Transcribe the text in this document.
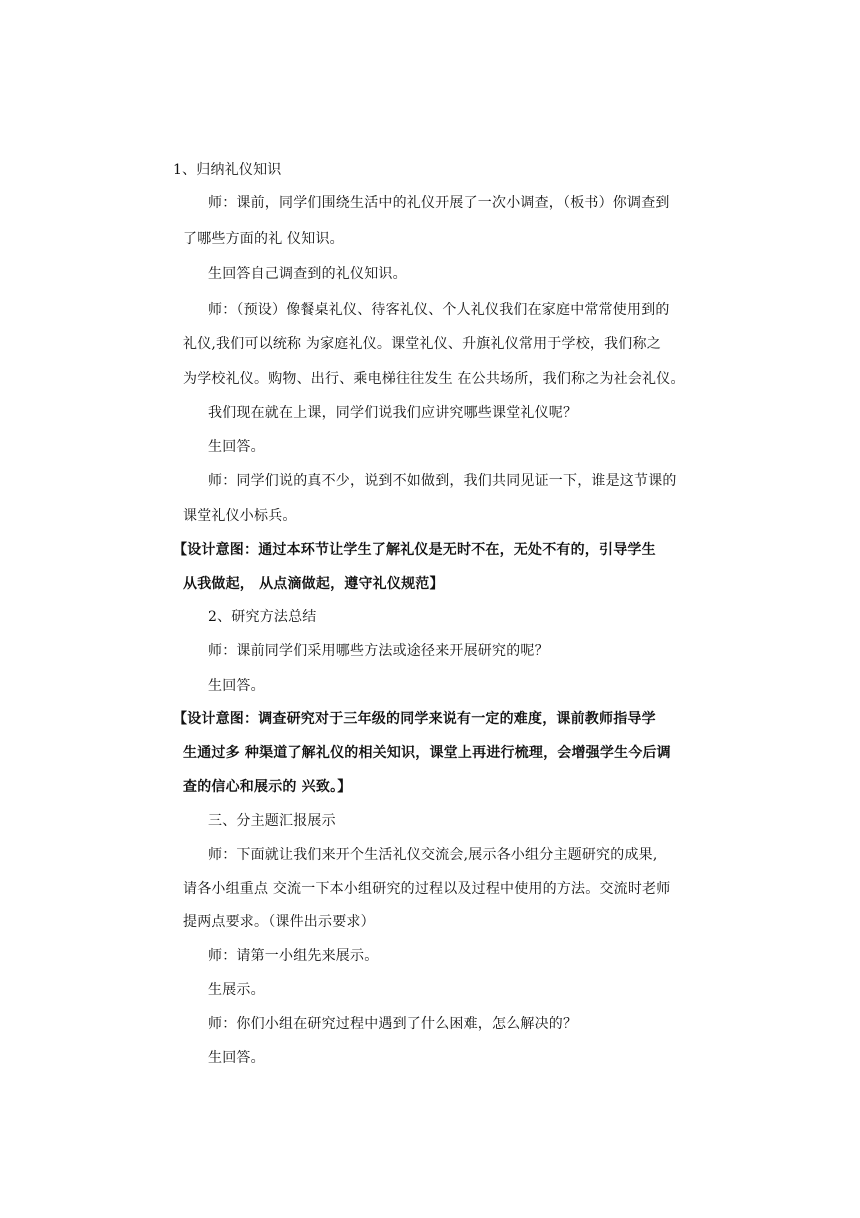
1、归纳礼仪知识
师：课前，同学们围绕生活中的礼仪开展了一次小调查，（板书）你调查到
了哪些方面的礼 仪知识。
生回答自己调查到的礼仪知识。
师：（预设）像餐桌礼仪、待客礼仪、个人礼仪我们在家庭中常常使用到的
礼仪,我们可以统称 为家庭礼仪。课堂礼仪、升旗礼仪常用于学校，我们称之
为学校礼仪。购物、出行、乘电梯往往发生 在公共场所，我们称之为社会礼仪。
我们现在就在上课，同学们说我们应讲究哪些课堂礼仪呢？
生回答。
师：同学们说的真不少，说到不如做到，我们共同见证一下，谁是这节课的
课堂礼仪小标兵。
【设计意图：通过本环节让学生了解礼仪是无时不在，无处不有的，引导学生
从我做起， 从点滴做起，遵守礼仪规范】
2、研究方法总结
师：课前同学们采用哪些方法或途径来开展研究的呢？
生回答。
【设计意图：调查研究对于三年级的同学来说有一定的难度，课前教师指导学
生通过多 种渠道了解礼仪的相关知识，课堂上再进行梳理，会增强学生今后调
查的信心和展示的 兴致。】
三、分主题汇报展示
师：下面就让我们来开个生活礼仪交流会,展示各小组分主题研究的成果,
请各小组重点 交流一下本小组研究的过程以及过程中使用的方法。交流时老师
提两点要求。（课件出示要求）
师：请第一小组先来展示。
生展示。
师：你们小组在研究过程中遇到了什么困难，怎么解决的？
生回答。
